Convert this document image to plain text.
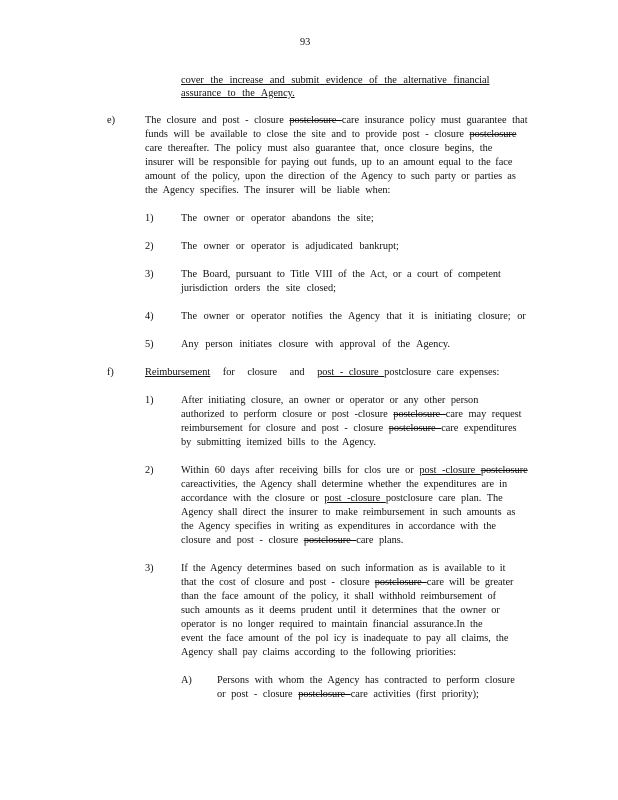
93
cover the increase and submit evidence of the alternative financial
assurance to the Agency.
e)	The closure and post - closure postclosure care insurance policy must guarantee that
funds will be available to close the site and to provide post - closure postclosure
care thereafter. The policy must also guarantee that, once closure begins, the
insurer will be responsible for paying out funds, up to an amount equal to the face
amount of the policy, upon the direction of the Agency to such party or parties as
the Agency specifies. The insurer will be liable when:
1)	The owner or operator abandons the site;
2)	The owner or operator is adjudicated bankrupt;
3)	The Board, pursuant to Title VIII of the Act, or a court of competent
jurisdiction orders the site closed;
4)	The owner or operator notifies the Agency that it is initiating closure; or
5)	Any person initiates closure with approval of the Agency.
f)	Reimbursement for closure and post - closure postclosure care expenses:
1)	After initiating closure, an owner or operator or any other person
authorized to perform closure or post -closure postclosure care may request
reimbursement for closure and post - closure postclosure care expenditures
by submitting itemized bills to the Agency.
2)	Within 60 days after receiving bills for clos ure or post -closure postclosure
careactivities, the Agency shall determine whether the expenditures are in
accordance with the closure or post -closure postclosure care plan. The
Agency shall direct the insurer to make reimbursement in such amounts as
the Agency specifies in writing as expenditures in accordance with the
closure and post - closure postclosure care plans.
3)	If the Agency determines based on such information as is available to it
that the cost of closure and post - closure postclosure care will be greater
than the face amount of the policy, it shall withhold reimbursement of
such amounts as it deems prudent until it determines that the owner or
operator is no longer required to maintain financial assurance.In the
event the face amount of the pol icy is inadequate to pay all claims, the
Agency shall pay claims according to the following priorities:
A) Persons with whom the Agency has contracted to perform closure
or post - closure postclosure care activities (first priority);
